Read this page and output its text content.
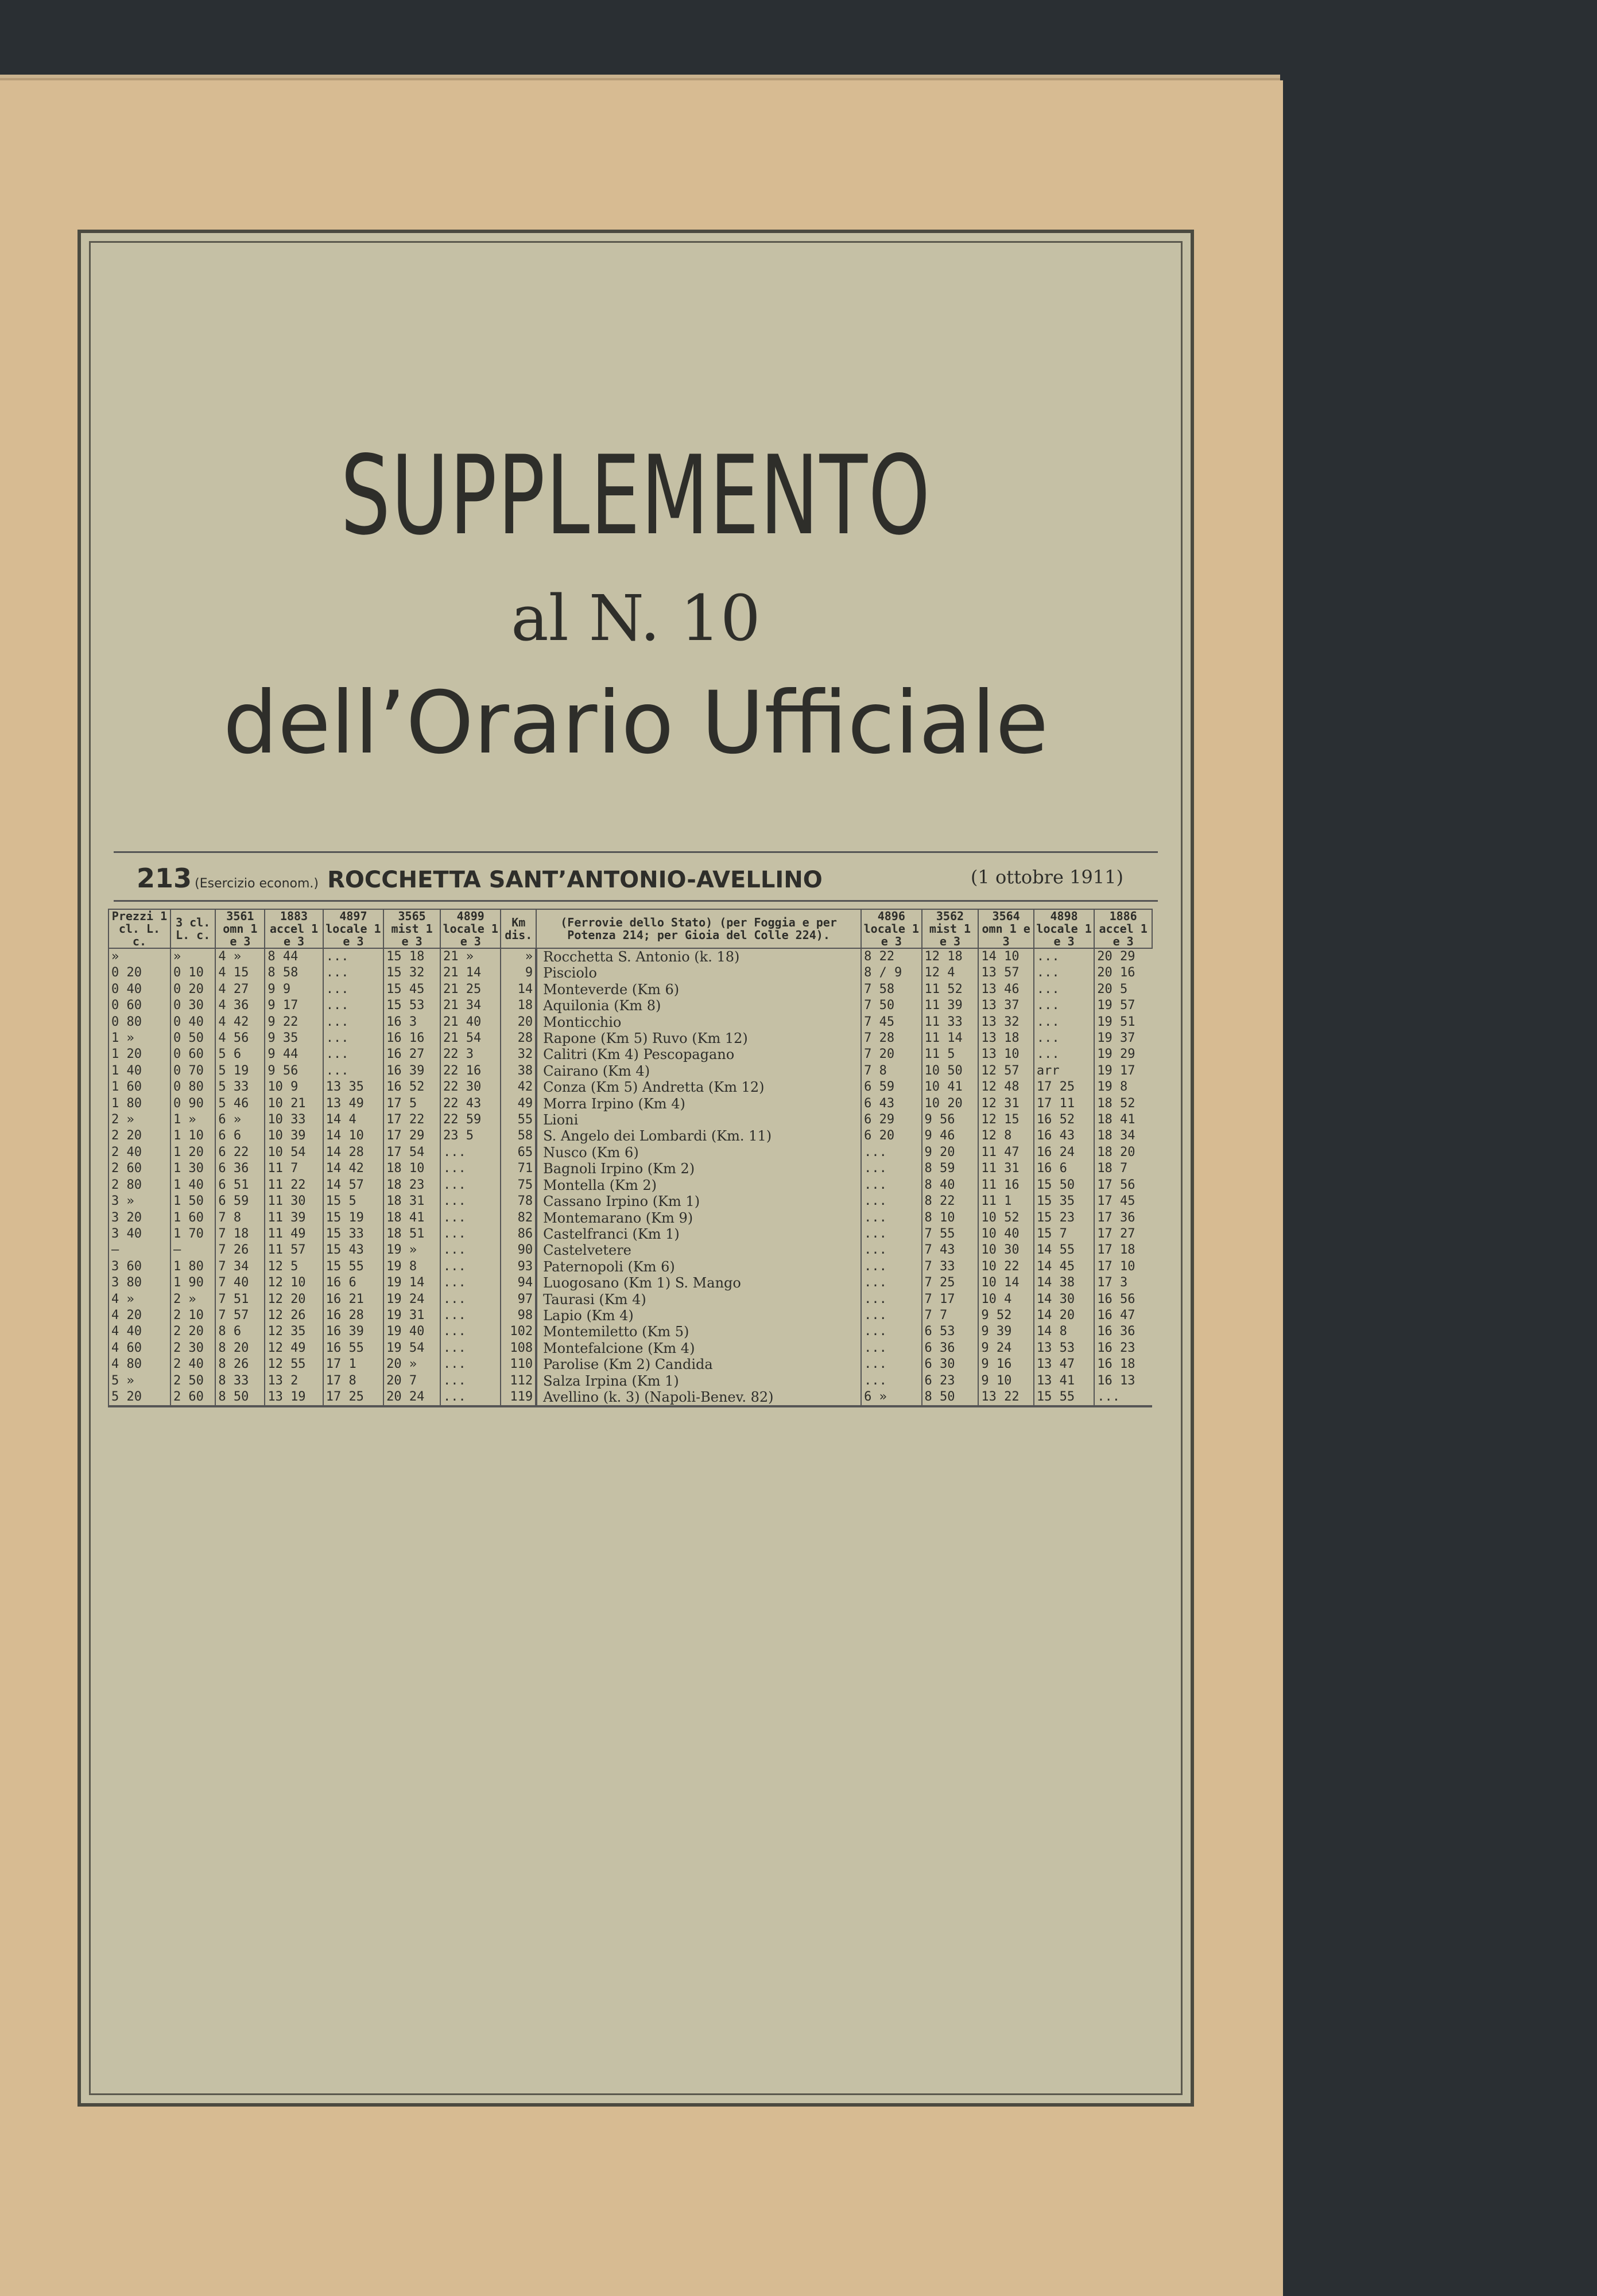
SUPPLEMENTO
al N. 10
dell’Orario Ufficiale
213 (Esercizio econom.) ROCCHETTA SANT’ANTONIO-AVELLINO	(1 ottobre 1911)
Prezzi 1 cl. L. c.	3 cl. L. c.	3561 omn 1 e 3	1883 accel 1 e 3	4897 locale 1 e 3	3565 mist 1 e 3	4899 locale 1 e 3	Km dis.	(Ferrovie dello Stato) (per Foggia e per Potenza 214; per Gioia del Colle 224).	4896 locale 1 e 3	3562 mist 1 e 3	3564 omn 1 e 3	4898 locale 1 e 3	1886 accel 1 e 3
»	»	4 »	8 44	...	15 18	21 »	»	Rocchetta S. Antonio (k. 18)	8 22	12 18	14 10	...	20 29
0 20	0 10	4 15	8 58	...	15 32	21 14	9	Pisciolo	8 / 9	12 4	13 57	...	20 16
0 40	0 20	4 27	9 9	...	15 45	21 25	14	Monteverde (Km 6)	7 58	11 52	13 46	...	20 5
0 60	0 30	4 36	9 17	...	15 53	21 34	18	Aquilonia (Km 8)	7 50	11 39	13 37	...	19 57
0 80	0 40	4 42	9 22	...	16 3	21 40	20	Monticchio	7 45	11 33	13 32	...	19 51
1 »	0 50	4 56	9 35	...	16 16	21 54	28	Rapone (Km 5) Ruvo (Km 12)	7 28	11 14	13 18	...	19 37
1 20	0 60	5 6	9 44	...	16 27	22 3	32	Calitri (Km 4) Pescopagano	7 20	11 5	13 10	...	19 29
1 40	0 70	5 19	9 56	...	16 39	22 16	38	Cairano (Km 4)	7 8	10 50	12 57	arr	19 17
1 60	0 80	5 33	10 9	13 35	16 52	22 30	42	Conza (Km 5) Andretta (Km 12)	6 59	10 41	12 48	17 25	19 8
1 80	0 90	5 46	10 21	13 49	17 5	22 43	49	Morra Irpino (Km 4)	6 43	10 20	12 31	17 11	18 52
2 »	1 »	6 »	10 33	14 4	17 22	22 59	55	Lioni	6 29	9 56	12 15	16 52	18 41
2 20	1 10	6 6	10 39	14 10	17 29	23 5	58	S. Angelo dei Lombardi (Km. 11)	6 20	9 46	12 8	16 43	18 34
2 40	1 20	6 22	10 54	14 28	17 54	...	65	Nusco (Km 6)	...	9 20	11 47	16 24	18 20
2 60	1 30	6 36	11 7	14 42	18 10	...	71	Bagnoli Irpino (Km 2)	...	8 59	11 31	16 6	18 7
2 80	1 40	6 51	11 22	14 57	18 23	...	75	Montella (Km 2)	...	8 40	11 16	15 50	17 56
3 »	1 50	6 59	11 30	15 5	18 31	...	78	Cassano Irpino (Km 1)	...	8 22	11 1	15 35	17 45
3 20	1 60	7 8	11 39	15 19	18 41	...	82	Montemarano (Km 9)	...	8 10	10 52	15 23	17 36
3 40	1 70	7 18	11 49	15 33	18 51	...	86	Castelfranci (Km 1)	...	7 55	10 40	15 7	17 27
—	—	7 26	11 57	15 43	19 »	...	90	Castelvetere	...	7 43	10 30	14 55	17 18
3 60	1 80	7 34	12 5	15 55	19 8	...	93	Paternopoli (Km 6)	...	7 33	10 22	14 45	17 10
3 80	1 90	7 40	12 10	16 6	19 14	...	94	Luogosano (Km 1) S. Mango	...	7 25	10 14	14 38	17 3
4 »	2 »	7 51	12 20	16 21	19 24	...	97	Taurasi (Km 4)	...	7 17	10 4	14 30	16 56
4 20	2 10	7 57	12 26	16 28	19 31	...	98	Lapio (Km 4)	...	7 7	9 52	14 20	16 47
4 40	2 20	8 6	12 35	16 39	19 40	...	102	Montemiletto (Km 5)	...	6 53	9 39	14 8	16 36
4 60	2 30	8 20	12 49	16 55	19 54	...	108	Montefalcione (Km 4)	...	6 36	9 24	13 53	16 23
4 80	2 40	8 26	12 55	17 1	20 »	...	110	Parolise (Km 2) Candida	...	6 30	9 16	13 47	16 18
5 »	2 50	8 33	13 2	17 8	20 7	...	112	Salza Irpina (Km 1)	...	6 23	9 10	13 41	16 13
5 20	2 60	8 50	13 19	17 25	20 24	...	119	Avellino (k. 3) (Napoli-Benev. 82)	6 »	8 50	13 22	15 55	...
